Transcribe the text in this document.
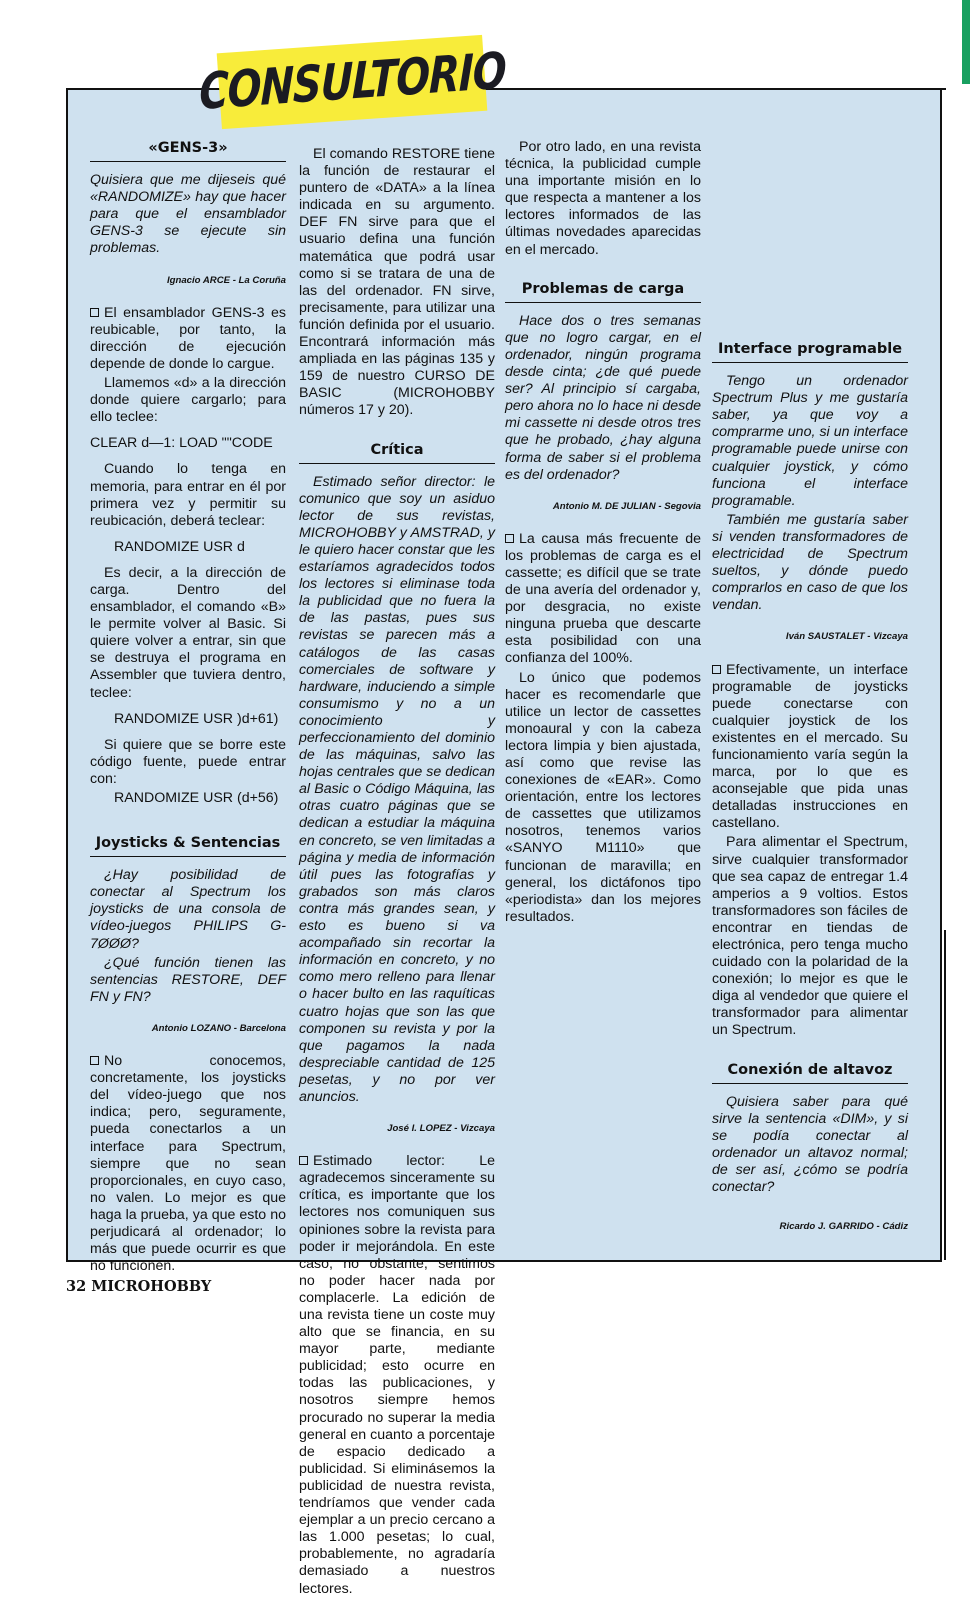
CONSULTORIO
«GENS-3»

Quisiera que me dijeseis qué «RANDOMIZE» hay que hacer para que el ensamblador GENS-3 se ejecute sin problemas.

Ignacio ARCE - La Coruña

El ensamblador GENS-3 es reubicable, por tanto, la dirección de ejecución depende de donde lo cargue.

Llamemos «d» a la dirección donde quiere cargarlo; para ello teclee:

CLEAR d—1: LOAD ""CODE

Cuando lo tenga en memoria, para entrar en él por primera vez y permitir su reubicación, deberá teclear:

RANDOMIZE USR d

Es decir, a la dirección de carga. Dentro del ensamblador, el comando «B» le permite volver al Basic. Si quiere volver a entrar, sin que se destruya el programa en Assembler que tuviera dentro, teclee:

RANDOMIZE USR )d+61)

Si quiere que se borre este código fuente, puede entrar con:

RANDOMIZE USR (d+56)

Joysticks & Sentencias

¿Hay posibilidad de conectar al Spectrum los joysticks de una consola de vídeo-juegos PHILIPS G-7ØØØ?

¿Qué función tienen las sentencias RESTORE, DEF FN y FN?

Antonio LOZANO - Barcelona

No conocemos, concretamente, los joysticks del vídeo-juego que nos indica; pero, seguramente, pueda conectarlos a un interface para Spectrum, siempre que no sean proporcionales, en cuyo caso, no valen. Lo mejor es que haga la prueba, ya que esto no perjudicará al ordenador; lo más que puede ocurrir es que no funcionen.

El comando RESTORE tiene la función de restaurar el puntero de «DATA» a la línea indicada en su argumento. DEF FN sirve para que el usuario defina una función matemática que podrá usar como si se tratara de una de las del ordenador. FN sirve, precisamente, para utilizar una función definida por el usuario. Encontrará información más ampliada en las páginas 135 y 159 de nuestro CURSO DE BASIC (MICROHOBBY números 17 y 20).

Crítica

Estimado señor director: le comunico que soy un asiduo lector de sus revistas, MICROHOBBY y AMSTRAD, y le quiero hacer constar que les estaríamos agradecidos todos los lectores si eliminase toda la publicidad que no fuera la de las pastas, pues sus revistas se parecen más a catálogos de las casas comerciales de software y hardware, induciendo a simple consumismo y no a un conocimiento y perfeccionamiento del dominio de las máquinas, salvo las hojas centrales que se dedican al Basic o Código Máquina, las otras cuatro páginas que se dedican a estudiar la máquina en concreto, se ven limitadas a página y media de información útil pues las fotografías y grabados son más claros contra más grandes sean, y esto es bueno si va acompañado sin recortar la información en concreto, y no como mero relleno para llenar o hacer bulto en las raquíticas cuatro hojas que son las que componen su revista y por la que pagamos la nada despreciable cantidad de 125 pesetas, y no por ver anuncios.

José I. LOPEZ - Vizcaya

Estimado lector: Le agradecemos sinceramente su crítica, es importante que los lectores nos comuniquen sus opiniones sobre la revista para poder ir mejorándola. En este caso, no obstante, sentimos no poder hacer nada por complacerle. La edición de una revista tiene un coste muy alto que se financia, en su mayor parte, mediante publicidad; esto ocurre en todas las publicaciones, y nosotros siempre hemos procurado no superar la media general en cuanto a porcentaje de espacio dedicado a publicidad. Si eliminásemos la publicidad de nuestra revista, tendríamos que vender cada ejemplar a un precio cercano a las 1.000 pesetas; lo cual, probablemente, no agradaría demasiado a nuestros lectores.

Por otro lado, en una revista técnica, la publicidad cumple una importante misión en lo que respecta a mantener a los lectores informados de las últimas novedades aparecidas en el mercado.

Problemas de carga

Hace dos o tres semanas que no logro cargar, en el ordenador, ningún programa desde cinta; ¿de qué puede ser? Al principio sí cargaba, pero ahora no lo hace ni desde mi cassette ni desde otros tres que he probado, ¿hay alguna forma de saber si el problema es del ordenador?

Antonio M. DE JULIAN - Segovia

La causa más frecuente de los problemas de carga es el cassette; es difícil que se trate de una avería del ordenador y, por desgracia, no existe ninguna prueba que descarte esta posibilidad con una confianza del 100%.

Lo único que podemos hacer es recomendarle que utilice un lector de cassettes monoaural y con la cabeza lectora limpia y bien ajustada, así como que revise las conexiones de «EAR». Como orientación, entre los lectores de cassettes que utilizamos nosotros, tenemos varios «SANYO M1110» que funcionan de maravilla; en general, los dictáfonos tipo «periodista» dan los mejores resultados.

Interface programable

Tengo un ordenador Spectrum Plus y me gustaría saber, ya que voy a comprarme uno, si un interface programable puede unirse con cualquier joystick, y cómo funciona el interface programable.

También me gustaría saber si venden transformadores de electricidad de Spectrum sueltos, y dónde puedo comprarlos en caso de que los vendan.

Iván SAUSTALET - Vizcaya

Efectivamente, un interface programable de joysticks puede conectarse con cualquier joystick de los existentes en el mercado. Su funcionamiento varía según la marca, por lo que es aconsejable que pida unas detalladas instrucciones en castellano.

Para alimentar el Spectrum, sirve cualquier transformador que sea capaz de entregar 1.4 amperios a 9 voltios. Estos transformadores son fáciles de encontrar en tiendas de electrónica, pero tenga mucho cuidado con la polaridad de la conexión; lo mejor es que le diga al vendedor que quiere el transformador para alimentar un Spectrum.

Conexión de altavoz

Quisiera saber para qué sirve la sentencia «DIM», y si se podía conectar al ordenador un altavoz normal; de ser así, ¿cómo se podría conectar?

Ricardo J. GARRIDO - Cádiz
32 MICROHOBBY
